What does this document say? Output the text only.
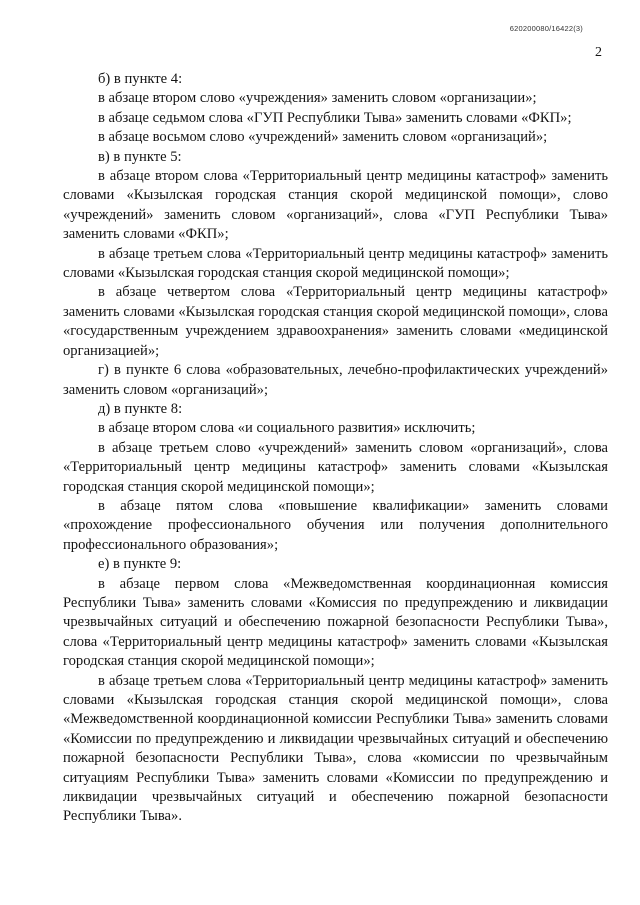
620200080/16422(3)
2

б) в пункте 4:

в абзаце втором слово «учреждения» заменить словом «организации»;

в абзаце седьмом слова «ГУП Республики Тыва» заменить словами «ФКП»;

в абзаце восьмом слово «учреждений» заменить словом «организаций»;

в) в пункте 5:

в абзаце втором слова «Территориальный центр медицины катастроф» заменить словами «Кызылская городская станция скорой медицинской помощи», слово «учреждений» заменить словом «организаций», слова «ГУП Республики Тыва» заменить словами «ФКП»;

в абзаце третьем слова «Территориальный центр медицины катастроф» заменить словами «Кызылская городская станция скорой медицинской помощи»;

в абзаце четвертом слова «Территориальный центр медицины катастроф» заменить словами «Кызылская городская станция скорой медицинской помощи», слова «государственным учреждением здравоохранения» заменить словами «медицинской организацией»;

г) в пункте 6 слова «образовательных, лечебно-профилактических учреждений» заменить словом «организаций»;

д) в пункте 8:

в абзаце втором слова «и социального развития» исключить;

в абзаце третьем слово «учреждений» заменить словом «организаций», слова «Территориальный центр медицины катастроф» заменить словами «Кызылская городская станция скорой медицинской помощи»;

в абзаце пятом слова «повышение квалификации» заменить словами «прохождение профессионального обучения или получения дополнительного профессионального образования»;

е) в пункте 9:

в абзаце первом слова «Межведомственная координационная комиссия Республики Тыва» заменить словами «Комиссия по предупреждению и ликвидации чрезвычайных ситуаций и обеспечению пожарной безопасности Республики Тыва», слова «Территориальный центр медицины катастроф» заменить словами «Кызылская городская станция скорой медицинской помощи»;

в абзаце третьем слова «Территориальный центр медицины катастроф» заменить словами «Кызылская городская станция скорой медицинской помощи», слова «Межведомственной координационной комиссии Республики Тыва» заменить словами «Комиссии по предупреждению и ликвидации чрезвычайных ситуаций и обеспечению пожарной безопасности Республики Тыва», слова «комиссии по чрезвычайным ситуациям Республики Тыва» заменить словами «Комиссии по предупреждению и ликвидации чрезвычайных ситуаций и обеспечению пожарной безопасности Республики Тыва».
